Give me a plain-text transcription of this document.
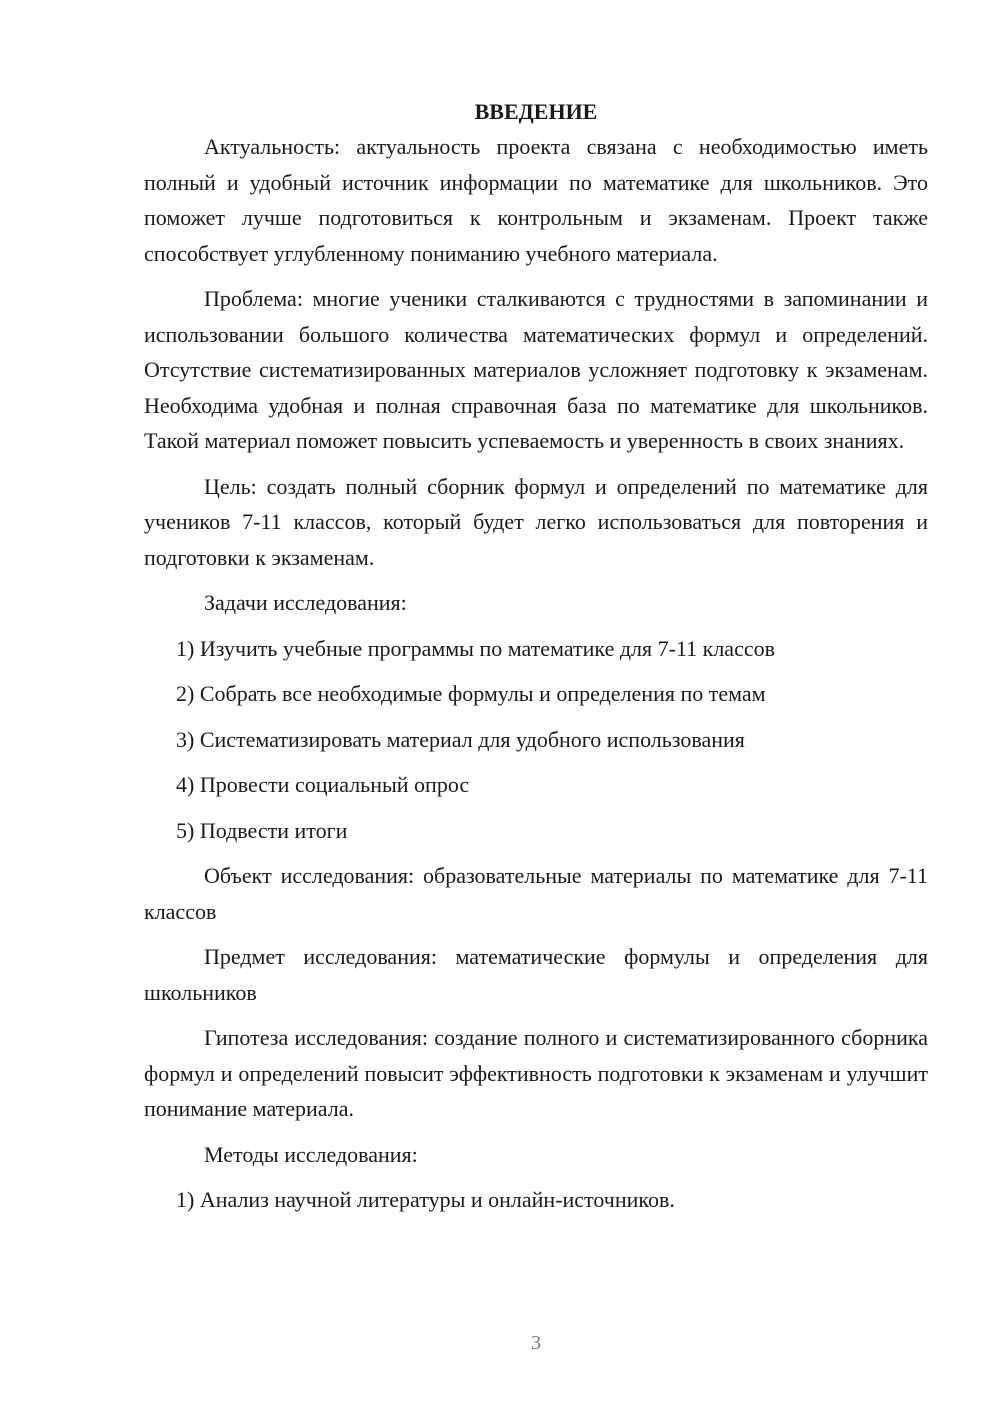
ВВЕДЕНИЕ

Актуальность: актуальность проекта связана с необходимостью иметь полный и удобный источник информации по математике для школьников. Это поможет лучше подготовиться к контрольным и экзаменам. Проект также способствует углубленному пониманию учебного материала.

Проблема: многие ученики сталкиваются с трудностями в запоминании и использовании большого количества математических формул и определений. Отсутствие систематизированных материалов усложняет подготовку к экзаменам. Необходима удобная и полная справочная база по математике для школьников. Такой материал поможет повысить успеваемость и уверенность в своих знаниях.

Цель: создать полный сборник формул и определений по математике для учеников 7-11 классов, который будет легко использоваться для повторения и подготовки к экзаменам.

Задачи исследования:

1) Изучить учебные программы по математике для 7-11 классов

2) Собрать все необходимые формулы и определения по темам

3) Систематизировать материал для удобного использования

4) Провести социальный опрос

5) Подвести итоги

Объект исследования: образовательные материалы по математике для 7-11 классов

Предмет исследования: математические формулы и определения для школьников

Гипотеза исследования: создание полного и систематизированного сборника формул и определений повысит эффективность подготовки к экзаменам и улучшит понимание материала.

Методы исследования:

1) Анализ научной литературы и онлайн-источников.

3
